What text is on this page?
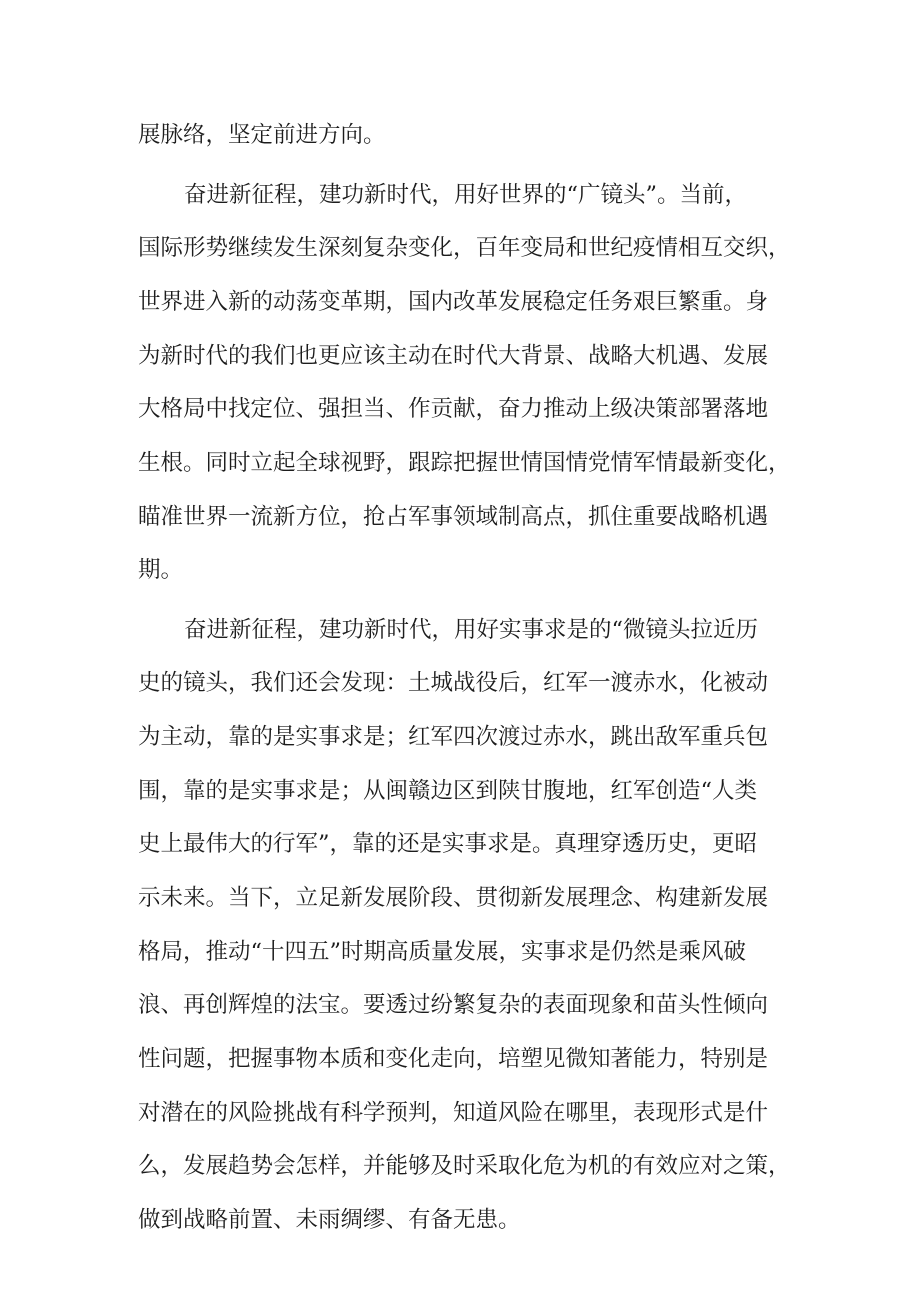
展脉络，坚定前进方向。

奋进新征程，建功新时代，用好世界的“广镜头”。当前，

国际形势继续发生深刻复杂变化，百年变局和世纪疫情相互交织，

世界进入新的动荡变革期，国内改革发展稳定任务艰巨繁重。身

为新时代的我们也更应该主动在时代大背景、战略大机遇、发展

大格局中找定位、强担当、作贡献，奋力推动上级决策部署落地

生根。同时立起全球视野，跟踪把握世情国情党情军情最新变化，

瞄准世界一流新方位，抢占军事领域制高点，抓住重要战略机遇

期。

奋进新征程，建功新时代，用好实事求是的“微镜头拉近历

史的镜头，我们还会发现：土城战役后，红军一渡赤水，化被动

为主动，靠的是实事求是；红军四次渡过赤水，跳出敌军重兵包

围，靠的是实事求是；从闽赣边区到陕甘腹地，红军创造“人类

史上最伟大的行军”，靠的还是实事求是。真理穿透历史，更昭

示未来。当下，立足新发展阶段、贯彻新发展理念、构建新发展

格局，推动“十四五”时期高质量发展，实事求是仍然是乘风破

浪、再创辉煌的法宝。要透过纷繁复杂的表面现象和苗头性倾向

性问题，把握事物本质和变化走向，培塑见微知著能力，特别是

对潜在的风险挑战有科学预判，知道风险在哪里，表现形式是什

么，发展趋势会怎样，并能够及时采取化危为机的有效应对之策，

做到战略前置、未雨绸缪、有备无患。
